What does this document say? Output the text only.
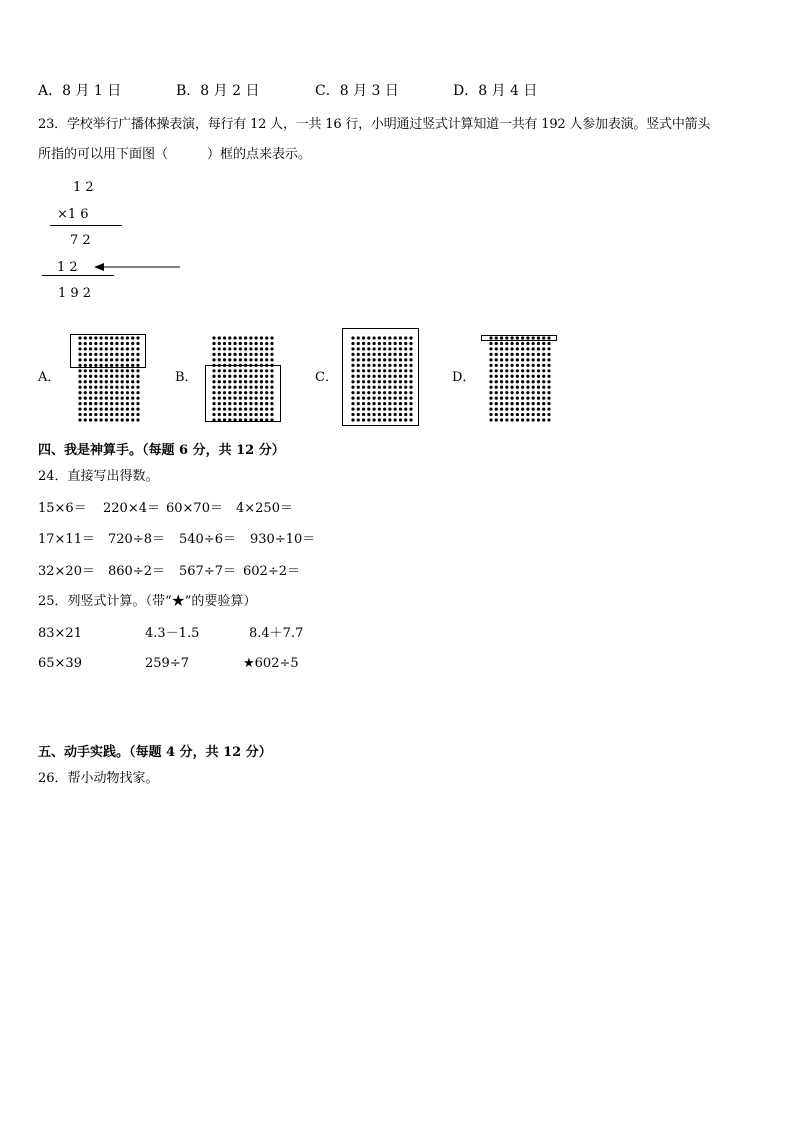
A．8 月 1 日	B．8 月 2 日	C．8 月 3 日	D．8 月 4 日
23．学校举行广播体操表演，每行有 12 人，一共 16 行，小明通过竖式计算知道一共有 192 人参加表演。竖式中箭头
所指的可以用下面图（　　　）框的点来表示。
1 2
×1 6
7 2
1 2
1 9 2
A．	B．	C．	D．
四、我是神算手。（每题 6 分，共 12 分）
24．直接写出得数。
15×6＝ 220×4＝ 60×70＝ 4×250＝
17×11＝ 720÷8＝ 540÷6＝ 930÷10＝
32×20＝ 860÷2＝ 567÷7＝ 602÷2＝
25．列竖式计算。（带“★”的要验算）
83×21	4.3－1.5	8.4＋7.7
65×39	259÷7	★602÷5
五、动手实践。（每题 4 分，共 12 分）
26．帮小动物找家。
